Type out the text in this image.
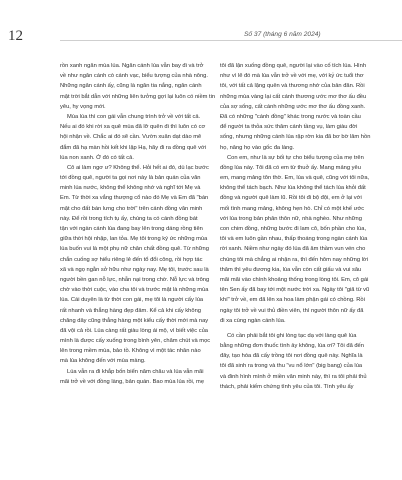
12	Số 37 (tháng 6 năm 2024)
rồn xanh ngăn mùa lúa. Ngăn cánh lúa vẫn bay đi và trở
về như ngăn cánh cò cánh vạc, biểu tượng của nhà nông.
Những ngăn cánh ấy, cũng là ngăn tia nắng, ngăn cánh
mặt trời bắt dẫn với những liên tưởng gợi lại luôn có niềm tin
yêu, hy vọng mới.
Mùa lúa thì con gái vẫn chung trình trở về với tất cả.
Nếu ai đó khi rời xa quê mùa đã lỡ quên đi thì luôn có cơ
hội nhận về. Chắc ai đó sẽ cần. Vườn xuân dạt dào mê
đắm đã hạ màn hồi kết khi lập Hạ, hãy đi ra đồng quê với
lúa non xanh. Ở đó có tất cả.
Cô ai làm ngơ ư? Không thể. Hỏi hết ai đó, dù lạc bước
tới đồng quê, người ta gọi nơi này là bản quán của văn
minh lúa nước, không thể không nhớ và nghĩ tới Mẹ và
Em. Từ thời xa vắng thượng cổ nào đó Mẹ và Em đã "bán
mặt cho đất bán lưng cho trời" trên cánh đồng văn minh
này. Để rồi trong tích tụ ấy, chúng ta có cánh đồng bát
tận với ngàn cánh lúa đang bay lên trong dáng rồng tiên
giữa thời hội nhập, lan tỏa. Mẹ tôi trong ký ức những mùa
lúa buốn vui là một phụ nữ chân chất đồng quê. Từ những
chắn cuống sợ hiểu riêng lẻ đến tổ đổi công, rồi hợp tác
xã và ngọ ngằn sở hữu như ngày nay. Mẹ tôi, trước sau là
người bền gan nỗ lực, nhẫn nại trong chờ. Nỗ lực và trông
chờ vào thời cuộc, vào cha tôi và trước mặt là những mùa
lúa. Cái duyên là từ thời con gái, mẹ tôi là người cấy lúa
rất nhanh và thẳng hàng đẹp đảm. Kể cả khi cấy không
chăng dây cũng thẳng hàng một kiểu cấy thời mới mà nay
đã vội cả rồi. Lúa càng rất giàu lòng ái mộ, vì biết việc của
mình là được cấy xuống trong bình yên, chăm chút và mọc
lên trong mềm mùa, bảo tồ. Không vì một tác nhân nào
mà lúa không đến với mùa màng.
Lúa vẫn ra đi khắp bốn biển năm châu và lúa vẫn mãi
mãi trở về với đồng làng, bản quán. Bao mùa lúa rồi, mẹ
tôi đã lận xuống đồng quê, người lại vào cố tích lúa. Hình
như vì lẽ đó mà lúa vẫn trở về với mẹ, với kỷ ức tuổi thơ
tôi, với tất cả lặng quên và thương nhớ của bản đăn. Rồi
những mùa vàng lại cất cánh thương ước mơ thơ ấu đều
của sợ sống, cất cánh những ước mơ thơ ấu đồng xanh.
Đã có những "cánh đồng" khác trong nước và toàn cầu
để người ta thỏa sức thăm cánh tầng vụ, làm giàu đời
sống, nhưng những cánh lúa rập rờn kia đã bơ bờ lâm hồn
họ, nâng họ vào gốc đa làng.
Con em, như là sự bối tự cho biểu tượng của mẹ trên
đồng lúa này. Tôi đã có em từ thuở ấy. Mang mảng yêu
em, mang mảng tôn thờ. Em, lúa và quê, cũng với tôi nữa,
không thể tách bạch. Như lúa không thể tách lúa khỏi đất
đồng và người quê làm lũ. Rồi tôi đi bộ đội, em ở lại với
mối tình mang mảng, không hẹn hò. Chỉ có một khế ước
với lúa trong bản phân thôn nữ, nhà nghèo. Như những
con chim đồng, những bước đi lam cô, bốn phần cho lúa,
tôi và em luôn gần nhau, thấp thoáng trong ngàn cánh lúa
rời xanh. Niềm như ngày đó lúa đã âm thầm vun vén cho
chúng tôi mà chẳng ai nhận ra, thì đến hôm nay những lời
thăm thì yêu đương kia, lúa vẫn còn cất giấu và vui sâu
mãi mãi vào chính khoảng thống trong lòng tôi. Em, cô gái
tên Sen ấy đã bay tới một nước trời xa. Ngày tôi "giã từ vũ
khí" trở về, em đã lên xa hoa làm phận gái có chồng. Rồi
ngày tôi trở về vui thủ điền viên, thì người thôn nữ ấy đã
đi xa cùng ngàn cánh lúa.
Có cần phải bắt tôi ghi lòng tạc dạ với làng quê lúa
bằng những đơn thuốc tình ảy không, lúa ơi? Tôi đã đến
đây, tạo hóa đã cấy trồng tôi nơi đồng quê này. Nghĩa là
tôi đã sinh ra trong và thu "vu nổ lớn" (big bang) của lúa
và đinh hình mình ở miền văn minh này, thì ra tôi phải thủ
thách, phải kiếm chứng tình yêu của tôi. Tình yêu ấy
